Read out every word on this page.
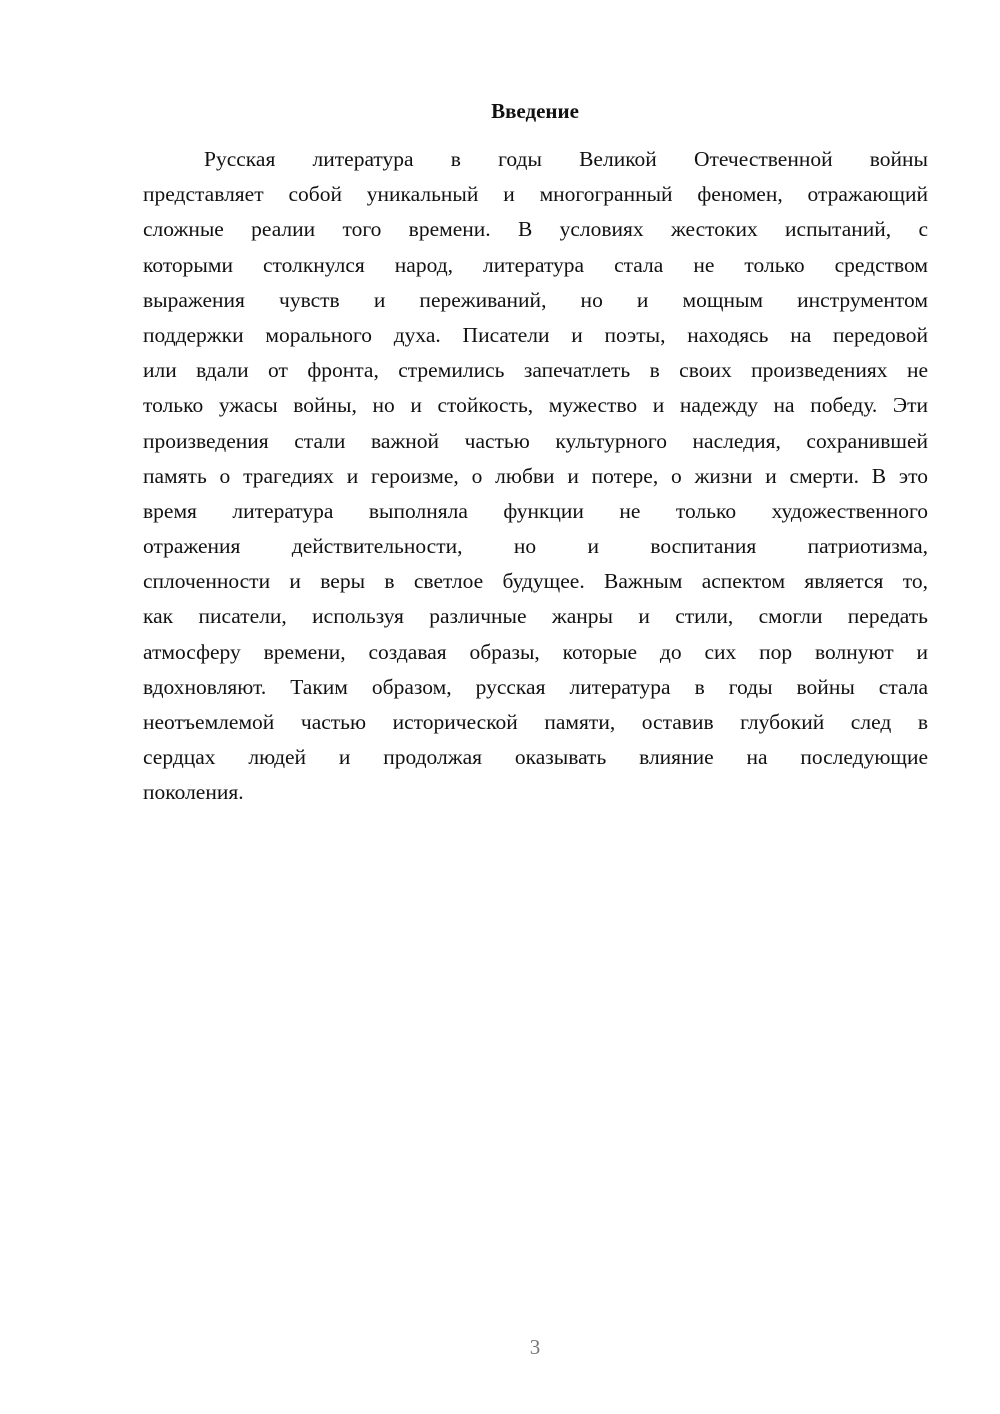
Введение
Русская литература в годы Великой Отечественной войны
представляет собой уникальный и многогранный феномен, отражающий
сложные реалии того времени. В условиях жестоких испытаний, с
которыми столкнулся народ, литература стала не только средством
выражения чувств и переживаний, но и мощным инструментом
поддержки морального духа. Писатели и поэты, находясь на передовой
или вдали от фронта, стремились запечатлеть в своих произведениях не
только ужасы войны, но и стойкость, мужество и надежду на победу. Эти
произведения стали важной частью культурного наследия, сохранившей
память о трагедиях и героизме, о любви и потере, о жизни и смерти. В это
время литература выполняла функции не только художественного
отражения действительности, но и воспитания патриотизма,
сплоченности и веры в светлое будущее. Важным аспектом является то,
как писатели, используя различные жанры и стили, смогли передать
атмосферу времени, создавая образы, которые до сих пор волнуют и
вдохновляют. Таким образом, русская литература в годы войны стала
неотъемлемой частью исторической памяти, оставив глубокий след в
сердцах людей и продолжая оказывать влияние на последующие
поколения.
3
